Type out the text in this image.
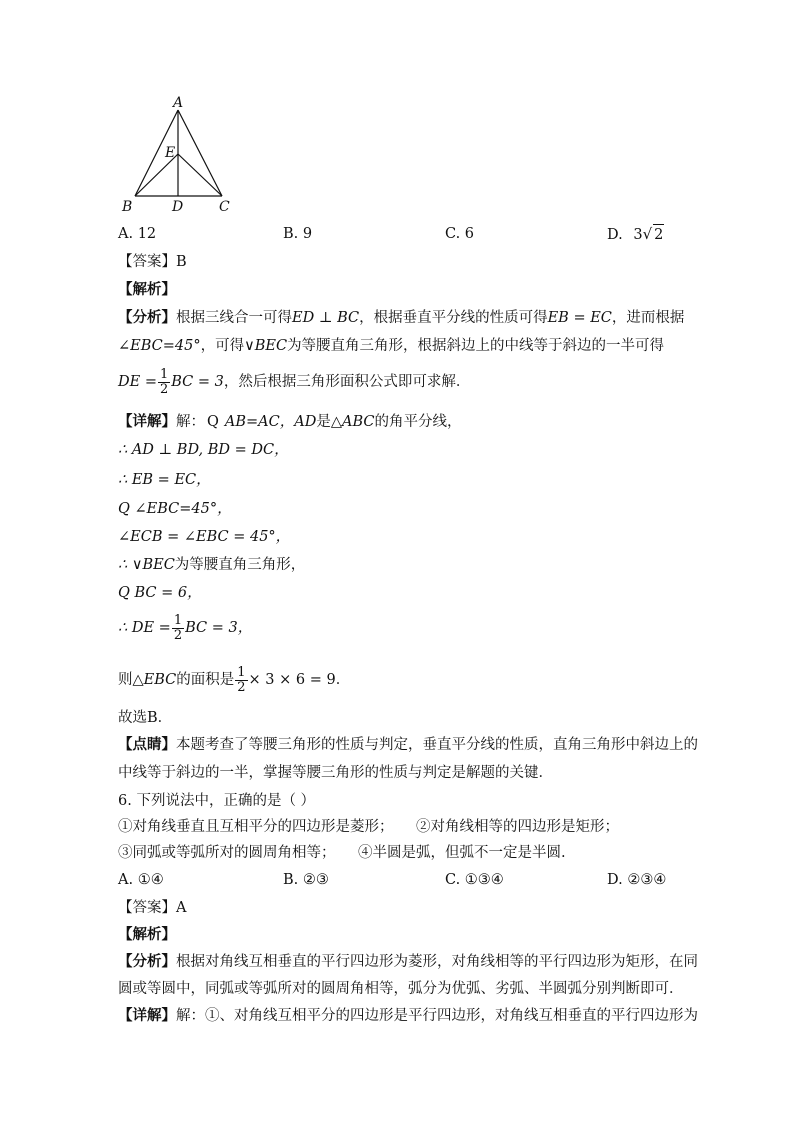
A
E
B	D	C
A. 12	B. 9	C. 6	D. 3√ 2
【答案】B
【解析】
【分析】根据三线合一可得ED ⊥ BC，根据垂直平分线的性质可得EB = EC，进而根据
∠EBC=45°，可得∨BEC为等腰直角三角形，根据斜边上的中线等于斜边的一半可得
DE = $\frac{1}{2}$ BC = 3，然后根据三角形面积公式即可求解．
【详解】解： Q AB=AC，AD是△ABC的角平分线，
∴ AD ⊥ BD, BD = DC，
∴ EB = EC，
Q ∠EBC=45°，
∠ECB = ∠EBC = 45°，
∴ ∨BEC为等腰直角三角形，
Q BC = 6，
∴ DE = $\frac{1}{2}$ BC = 3，
则△EBC的面积是 $\frac{1}{2} \times 3 \times 6 = 9$．
故选B．
【点睛】本题考查了等腰三角形的性质与判定，垂直平分线的性质，直角三角形中斜边上的
中线等于斜边的一半，掌握等腰三角形的性质与判定是解题的关键．
6. 下列说法中，正确的是（ ）
①对角线垂直且互相平分的四边形是菱形； ②对角线相等的四边形是矩形；
③同弧或等弧所对的圆周角相等； ④半圆是弧，但弧不一定是半圆.
A. ①④	B. ②③	C. ①③④	D. ②③④
【答案】A
【解析】
【分析】根据对角线互相垂直的平行四边形为菱形，对角线相等的平行四边形为矩形，在同
圆或等圆中，同弧或等弧所对的圆周角相等，弧分为优弧、劣弧、半圆弧分别判断即可．
【详解】解：①、对角线互相平分的四边形是平行四边形，对角线互相垂直的平行四边形为
